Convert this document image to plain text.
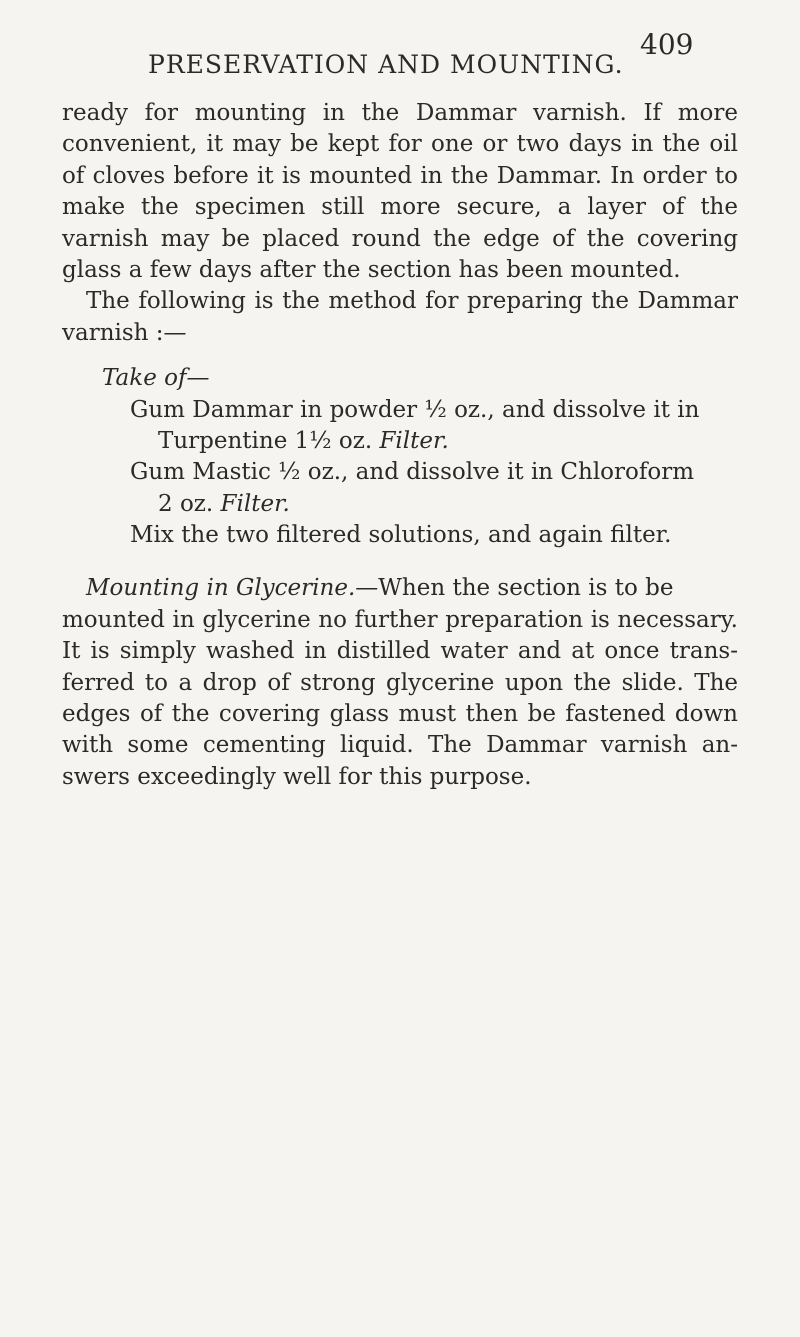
PRESERVATION AND MOUNTING.
409
ready for mounting in the Dammar varnish. If more
convenient, it may be kept for one or two days in the oil
of cloves before it is mounted in the Dammar. In order to
make the specimen still more secure, a layer of the
varnish may be placed round the edge of the covering
glass a few days after the section has been mounted.
The following is the method for preparing the Dammar
varnish :—
Take of—
Gum Dammar in powder ½ oz., and dissolve it in
Turpentine 1½ oz. Filter.
Gum Mastic ½ oz., and dissolve it in Chloroform
2 oz. Filter.
Mix the two filtered solutions, and again filter.
Mounting in Glycerine.—When the section is to be
mounted in glycerine no further preparation is necessary.
It is simply washed in distilled water and at once trans-
ferred to a drop of strong glycerine upon the slide. The
edges of the covering glass must then be fastened down
with some cementing liquid. The Dammar varnish an-
swers exceedingly well for this purpose.
